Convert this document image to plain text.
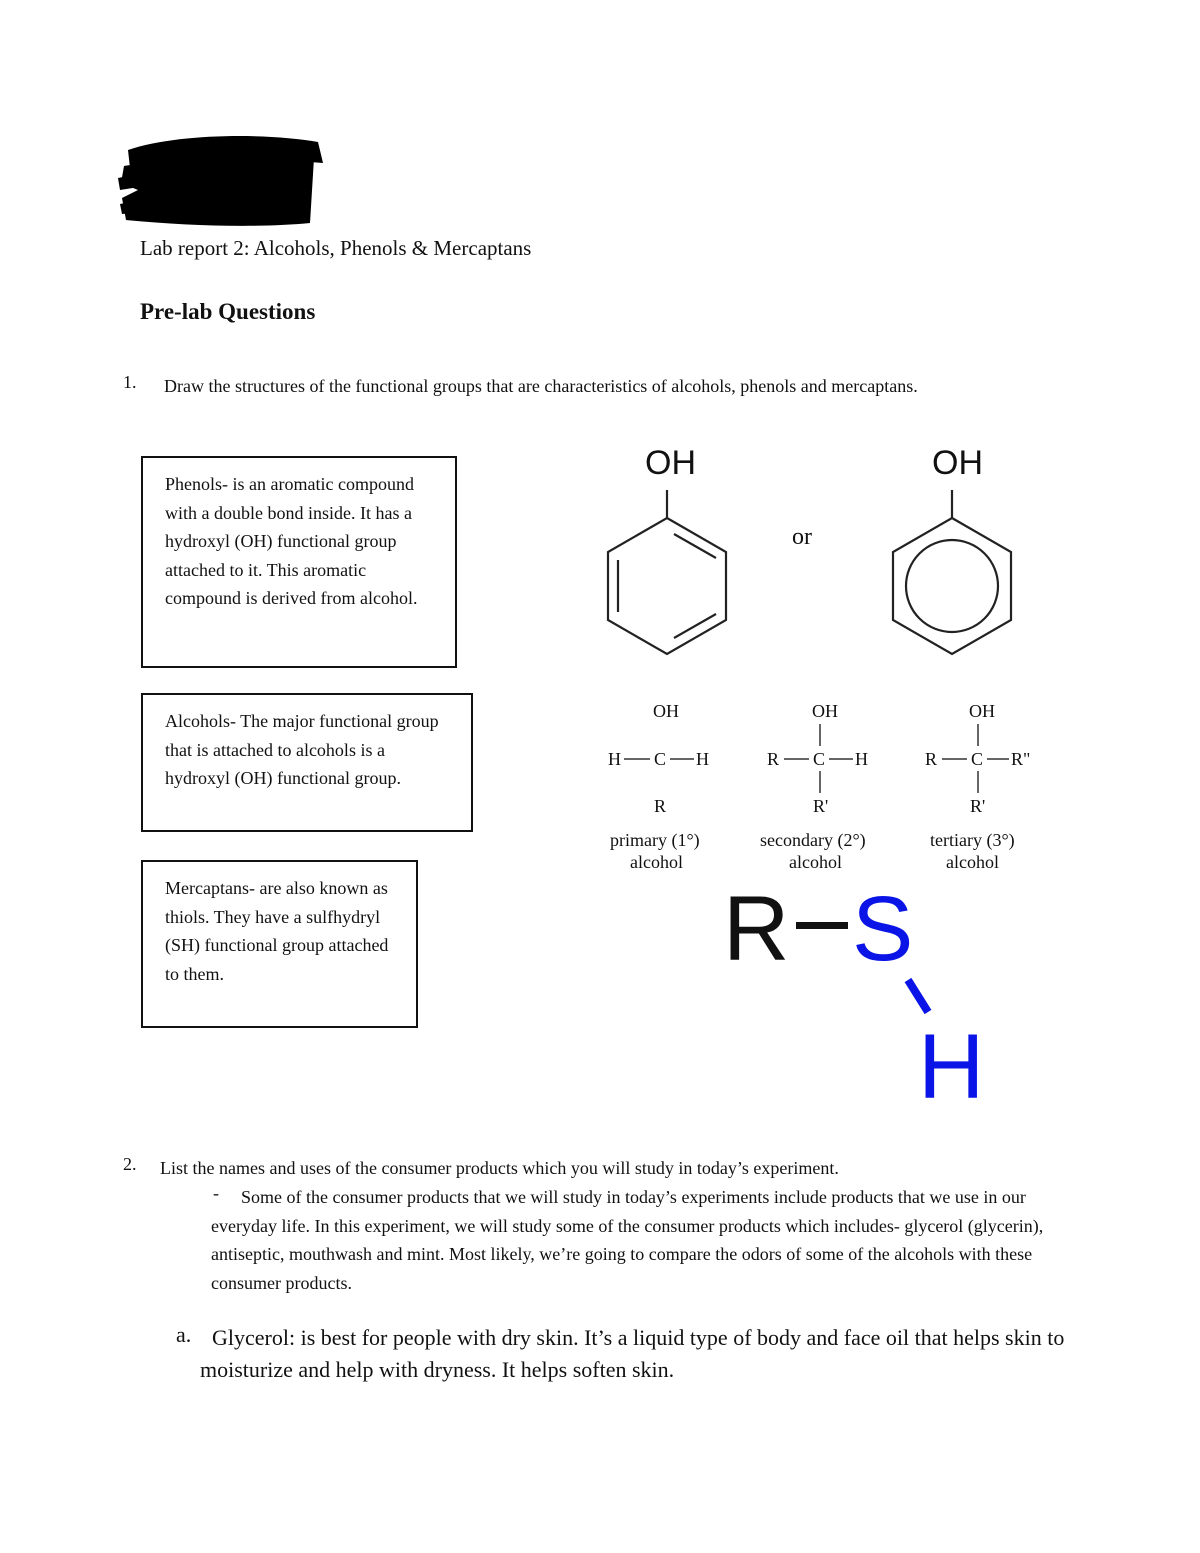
Lab report 2: Alcohols, Phenols & Mercaptans
Pre-lab Questions
1. Draw the structures of the functional groups that are characteristics of alcohols, phenols and mercaptans.
Phenols- is an aromatic compound with a double bond inside. It has a hydroxyl (OH) functional group attached to it. This aromatic compound is derived from alcohol.
Alcohols- The major functional group that is attached to alcohols is a hydroxyl (OH) functional group.
Mercaptans- are also known as thiols. They have a sulfhydryl (SH) functional group attached to them.
OH
or
OH
OH
H C H
R
primary (1°)
alcohol
OH
R C H
R'
secondary (2°)
alcohol
OH
R C R"
R'
tertiary (3°)
alcohol
R S
H
2. List the names and uses of the consumer products which you will study in today’s experiment.
-	Some of the consumer products that we will study in today’s experiments include products that we use in our everyday life. In this experiment, we will study some of the consumer products which includes- glycerol (glycerin), antiseptic, mouthwash and mint. Most likely, we’re going to compare the odors of some of the alcohols with these consumer products.
a. Glycerol: is best for people with dry skin. It’s a liquid type of body and face oil that helps skin to moisturize and help with dryness. It helps soften skin.
